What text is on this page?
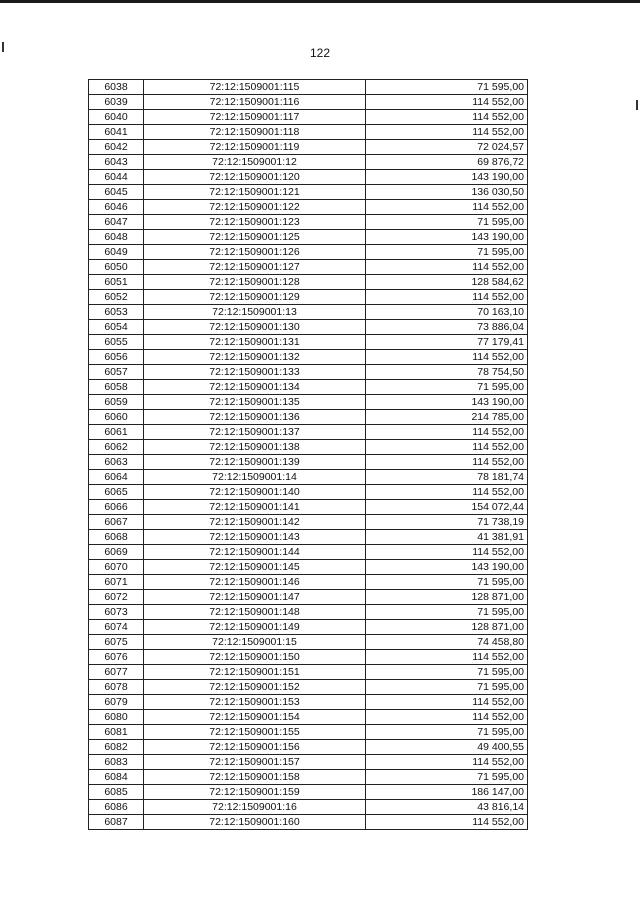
122
6038	72:12:1509001:115	71 595,00
6039	72:12:1509001:116	114 552,00
6040	72:12:1509001:117	114 552,00
6041	72:12:1509001:118	114 552,00
6042	72:12:1509001:119	72 024,57
6043	72:12:1509001:12	69 876,72
6044	72:12:1509001:120	143 190,00
6045	72:12:1509001:121	136 030,50
6046	72:12:1509001:122	114 552,00
6047	72:12:1509001:123	71 595,00
6048	72:12:1509001:125	143 190,00
6049	72:12:1509001:126	71 595,00
6050	72:12:1509001:127	114 552,00
6051	72:12:1509001:128	128 584,62
6052	72:12:1509001:129	114 552,00
6053	72:12:1509001:13	70 163,10
6054	72:12:1509001:130	73 886,04
6055	72:12:1509001:131	77 179,41
6056	72:12:1509001:132	114 552,00
6057	72:12:1509001:133	78 754,50
6058	72:12:1509001:134	71 595,00
6059	72:12:1509001:135	143 190,00
6060	72:12:1509001:136	214 785,00
6061	72:12:1509001:137	114 552,00
6062	72:12:1509001:138	114 552,00
6063	72:12:1509001:139	114 552,00
6064	72:12:1509001:14	78 181,74
6065	72:12:1509001:140	114 552,00
6066	72:12:1509001:141	154 072,44
6067	72:12:1509001:142	71 738,19
6068	72:12:1509001:143	41 381,91
6069	72:12:1509001:144	114 552,00
6070	72:12:1509001:145	143 190,00
6071	72:12:1509001:146	71 595,00
6072	72:12:1509001:147	128 871,00
6073	72:12:1509001:148	71 595,00
6074	72:12:1509001:149	128 871,00
6075	72:12:1509001:15	74 458,80
6076	72:12:1509001:150	114 552,00
6077	72:12:1509001:151	71 595,00
6078	72:12:1509001:152	71 595,00
6079	72:12:1509001:153	114 552,00
6080	72:12:1509001:154	114 552,00
6081	72:12:1509001:155	71 595,00
6082	72:12:1509001:156	49 400,55
6083	72:12:1509001:157	114 552,00
6084	72:12:1509001:158	71 595,00
6085	72:12:1509001:159	186 147,00
6086	72:12:1509001:16	43 816,14
6087	72:12:1509001:160	114 552,00
